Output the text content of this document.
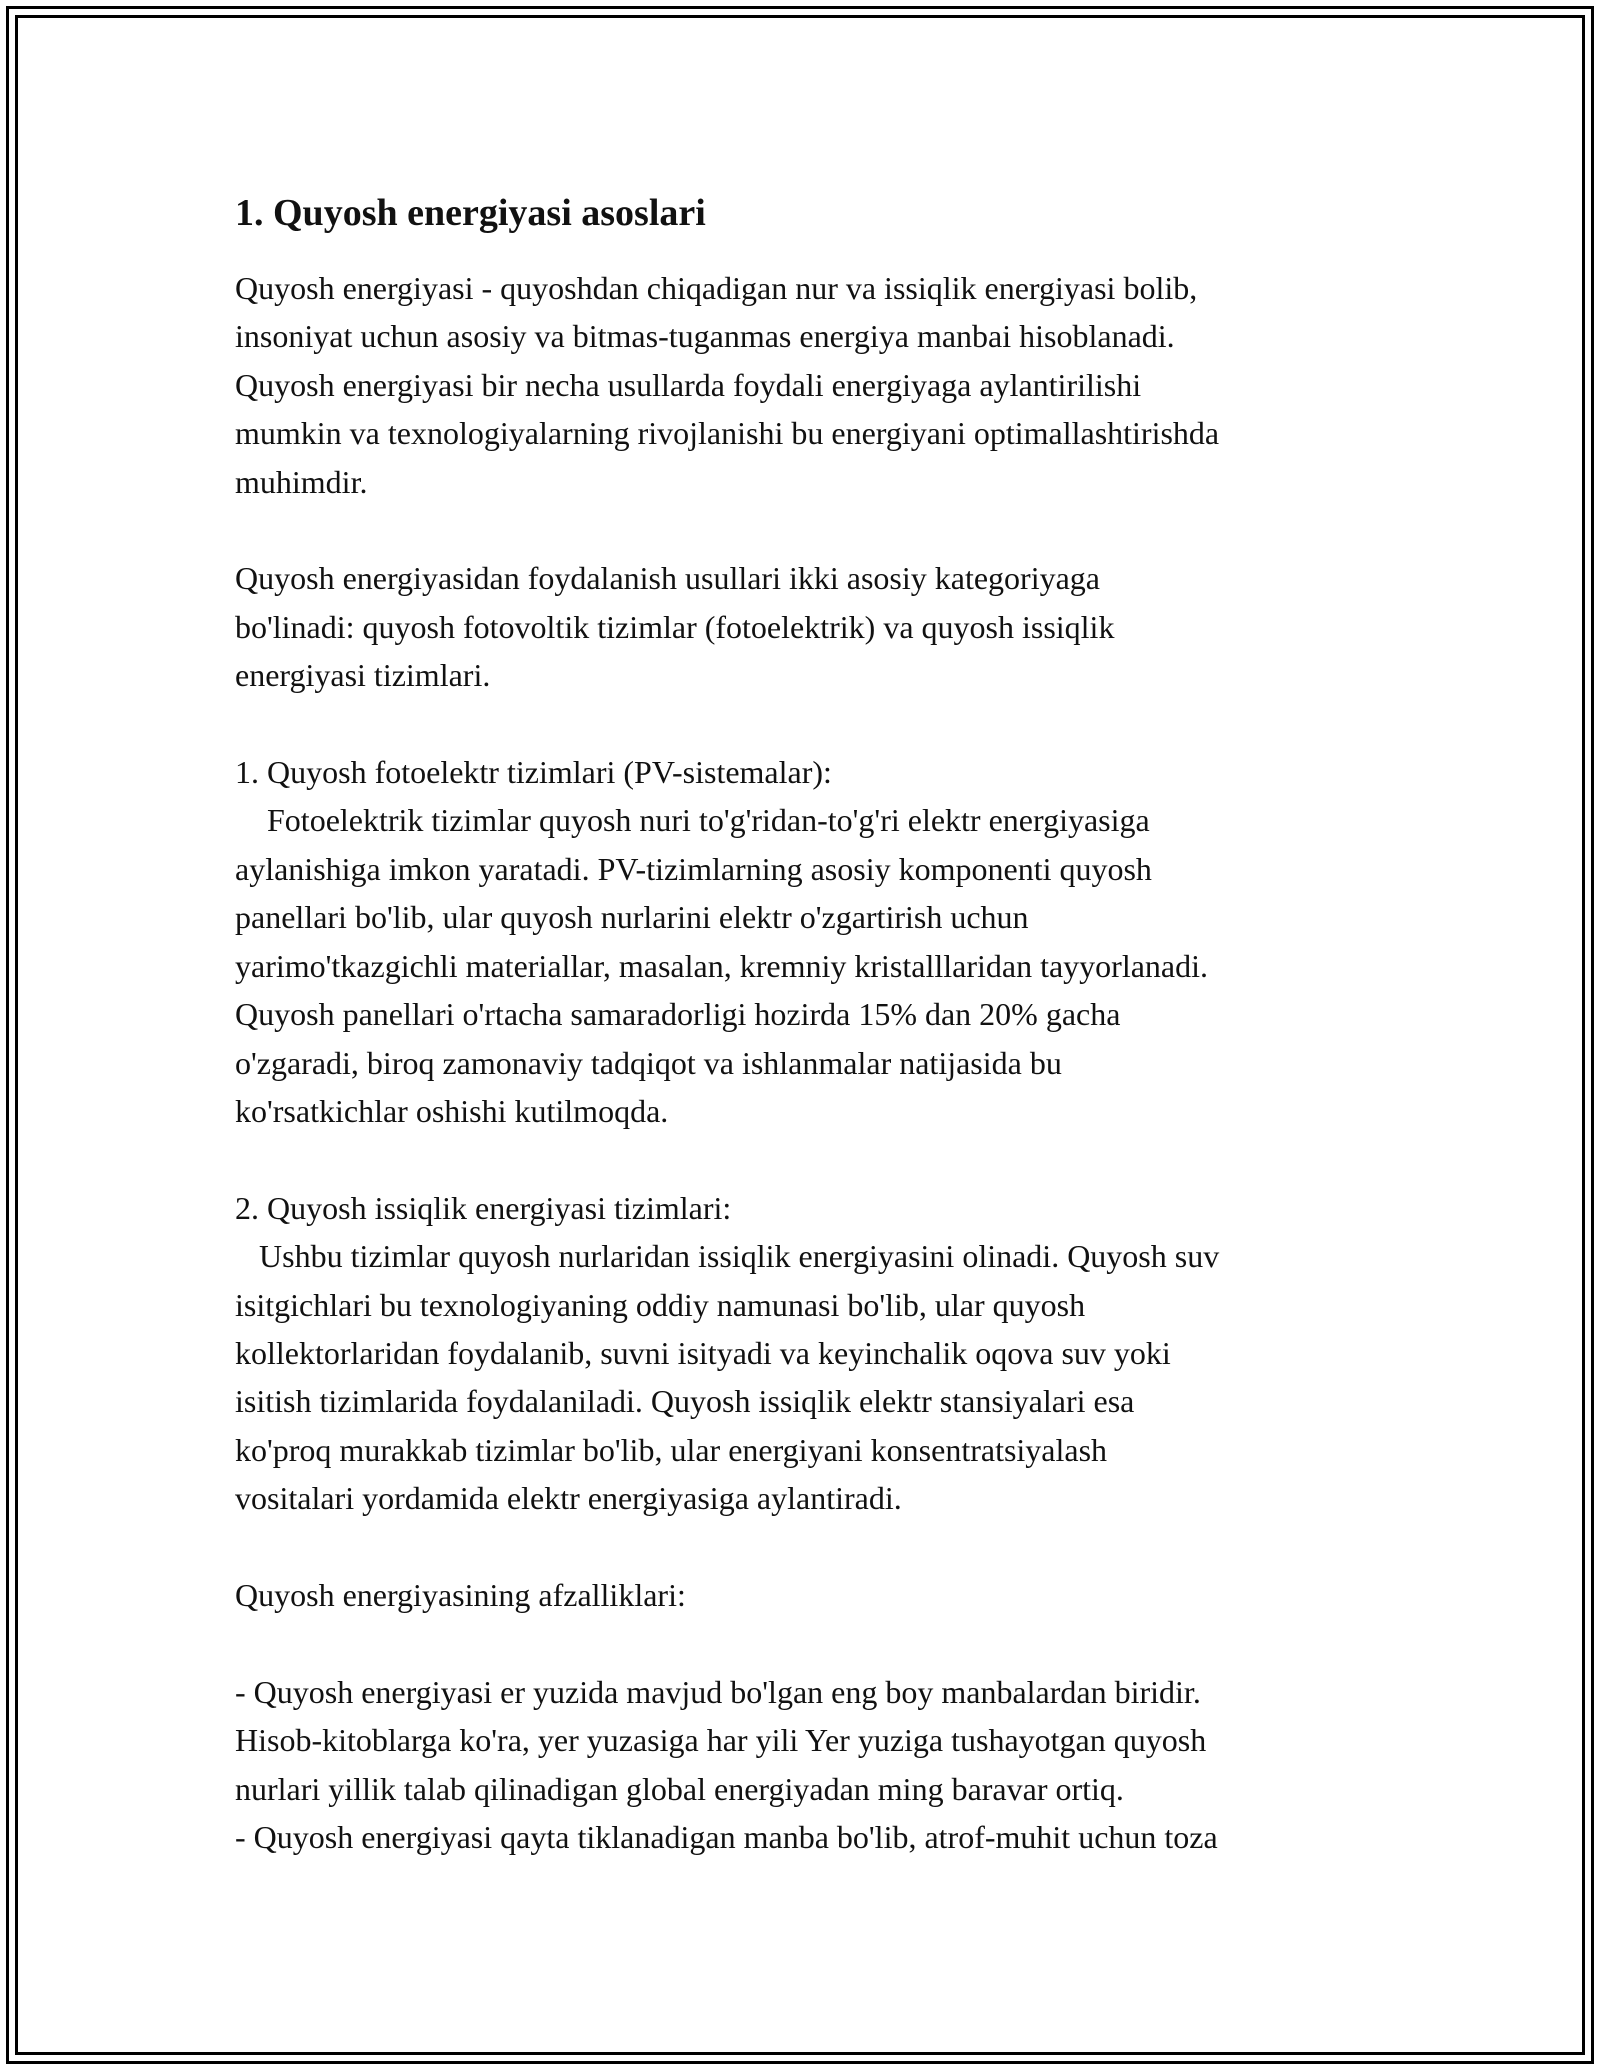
1. Quyosh energiyasi asoslari

Quyosh energiyasi - quyoshdan chiqadigan nur va issiqlik energiyasi bolib,
insoniyat uchun asosiy va bitmas-tuganmas energiya manbai hisoblanadi.
Quyosh energiyasi bir necha usullarda foydali energiyaga aylantirilishi
mumkin va texnologiyalarning rivojlanishi bu energiyani optimallashtirishda
muhimdir.

Quyosh energiyasidan foydalanish usullari ikki asosiy kategoriyaga
bo'linadi: quyosh fotovoltik tizimlar (fotoelektrik) va quyosh issiqlik
energiyasi tizimlari.

1. Quyosh fotoelektr tizimlari (PV-sistemalar):
Fotoelektrik tizimlar quyosh nuri to'g'ridan-to'g'ri elektr energiyasiga
aylanishiga imkon yaratadi. PV-tizimlarning asosiy komponenti quyosh
panellari bo'lib, ular quyosh nurlarini elektr o'zgartirish uchun
yarimo'tkazgichli materiallar, masalan, kremniy kristalllaridan tayyorlanadi.
Quyosh panellari o'rtacha samaradorligi hozirda 15% dan 20% gacha
o'zgaradi, biroq zamonaviy tadqiqot va ishlanmalar natijasida bu
ko'rsatkichlar oshishi kutilmoqda.

2. Quyosh issiqlik energiyasi tizimlari:
Ushbu tizimlar quyosh nurlaridan issiqlik energiyasini olinadi. Quyosh suv
isitgichlari bu texnologiyaning oddiy namunasi bo'lib, ular quyosh
kollektorlaridan foydalanib, suvni isityadi va keyinchalik oqova suv yoki
isitish tizimlarida foydalaniladi. Quyosh issiqlik elektr stansiyalari esa
ko'proq murakkab tizimlar bo'lib, ular energiyani konsentratsiyalash
vositalari yordamida elektr energiyasiga aylantiradi.

Quyosh energiyasining afzalliklari:

- Quyosh energiyasi er yuzida mavjud bo'lgan eng boy manbalardan biridir.
Hisob-kitoblarga ko'ra, yer yuzasiga har yili Yer yuziga tushayotgan quyosh
nurlari yillik talab qilinadigan global energiyadan ming baravar ortiq.
- Quyosh energiyasi qayta tiklanadigan manba bo'lib, atrof-muhit uchun toza
